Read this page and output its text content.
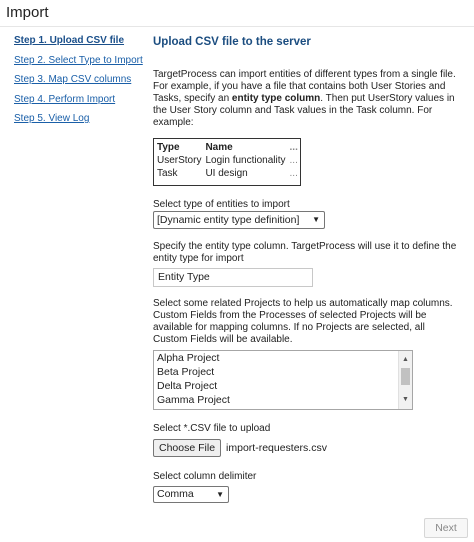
Import
Step 1. Upload CSV file
Step 2. Select Type to Import
Step 3. Map CSV columns
Step 4. Perform Import
Step 5. View Log
Upload CSV file to the server

TargetProcess can import entities of different types from a single file. For example, if you have a file that contains both User Stories and Tasks, specify an entity type column. Then put UserStory values in the User Story column and Task values in the Task column. For example:

Type	Name	...
UserStory	Login functionality	...
Task	UI design	...
Select type of entities to import
[Dynamic entity type definition] ▼
Specify the entity type column. TargetProcess will use it to define the entity type for import
Entity Type
Select some related Projects to help us automatically map columns. Custom Fields from the Processes of selected Projects will be available for mapping columns. If no Projects are selected, all Custom Fields will be available.
Alpha Project
Beta Project
Delta Project
Gamma Project
▲
▼
Select *.CSV file to upload
Choose File	import-requesters.csv
Select column delimiter
Comma	▼
Next
